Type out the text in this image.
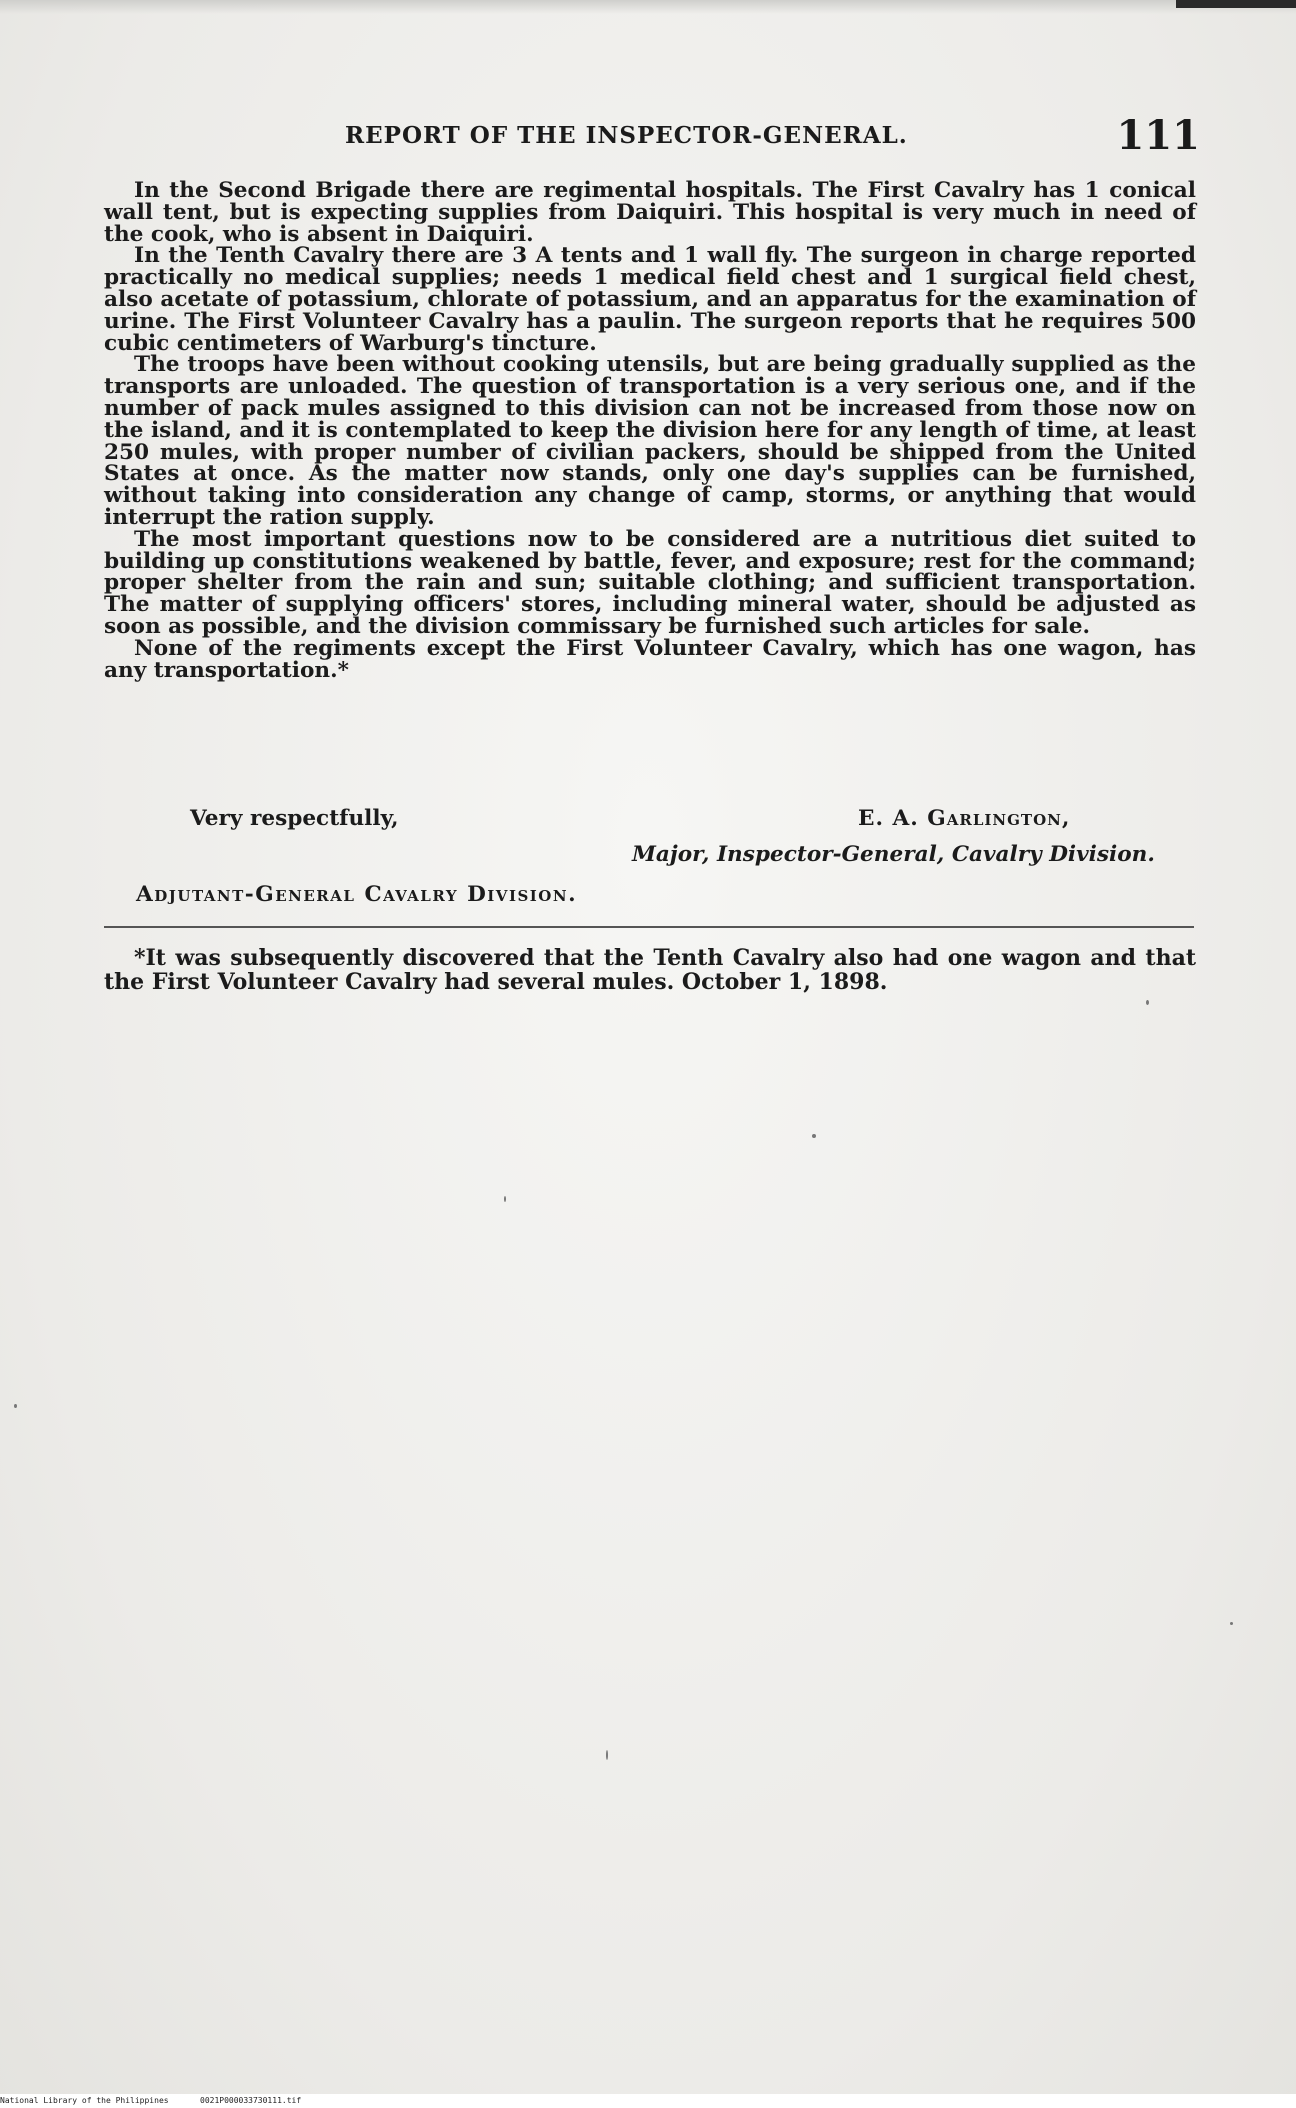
REPORT OF THE INSPECTOR-GENERAL.	111

In the Second Brigade there are regimental hospitals. The First Cavalry has 1 conical wall tent, but is expecting supplies from Daiquiri. This hospital is very much in need of the cook, who is absent in Daiquiri.

In the Tenth Cavalry there are 3 A tents and 1 wall fly. The surgeon in charge reported practically no medical supplies; needs 1 medical field chest and 1 surgical field chest, also acetate of potassium, chlorate of potassium, and an apparatus for the examination of urine. The First Volunteer Cavalry has a paulin. The surgeon reports that he requires 500 cubic centimeters of Warburg's tincture.

The troops have been without cooking utensils, but are being gradually supplied as the transports are unloaded. The question of transportation is a very serious one, and if the number of pack mules assigned to this division can not be increased from those now on the island, and it is contemplated to keep the division here for any length of time, at least 250 mules, with proper number of civilian packers, should be shipped from the United States at once. As the matter now stands, only one day's supplies can be furnished, without taking into consideration any change of camp, storms, or anything that would interrupt the ration supply.

The most important questions now to be considered are a nutritious diet suited to building up constitutions weakened by battle, fever, and exposure; rest for the command; proper shelter from the rain and sun; suitable clothing; and sufficient transportation. The matter of supplying officers' stores, including mineral water, should be adjusted as soon as possible, and the division commissary be furnished such articles for sale.

None of the regiments except the First Volunteer Cavalry, which has one wagon, has any transportation.*

Very respectfully,	E. A. Garlington,
Major, Inspector-General, Cavalry Division.
Adjutant-General Cavalry Division.

*It was subsequently discovered that the Tenth Cavalry also had one wagon and that the First Volunteer Cavalry had several mules. October 1, 1898.

National Library of the Philippines	0021P000033730111.tif
